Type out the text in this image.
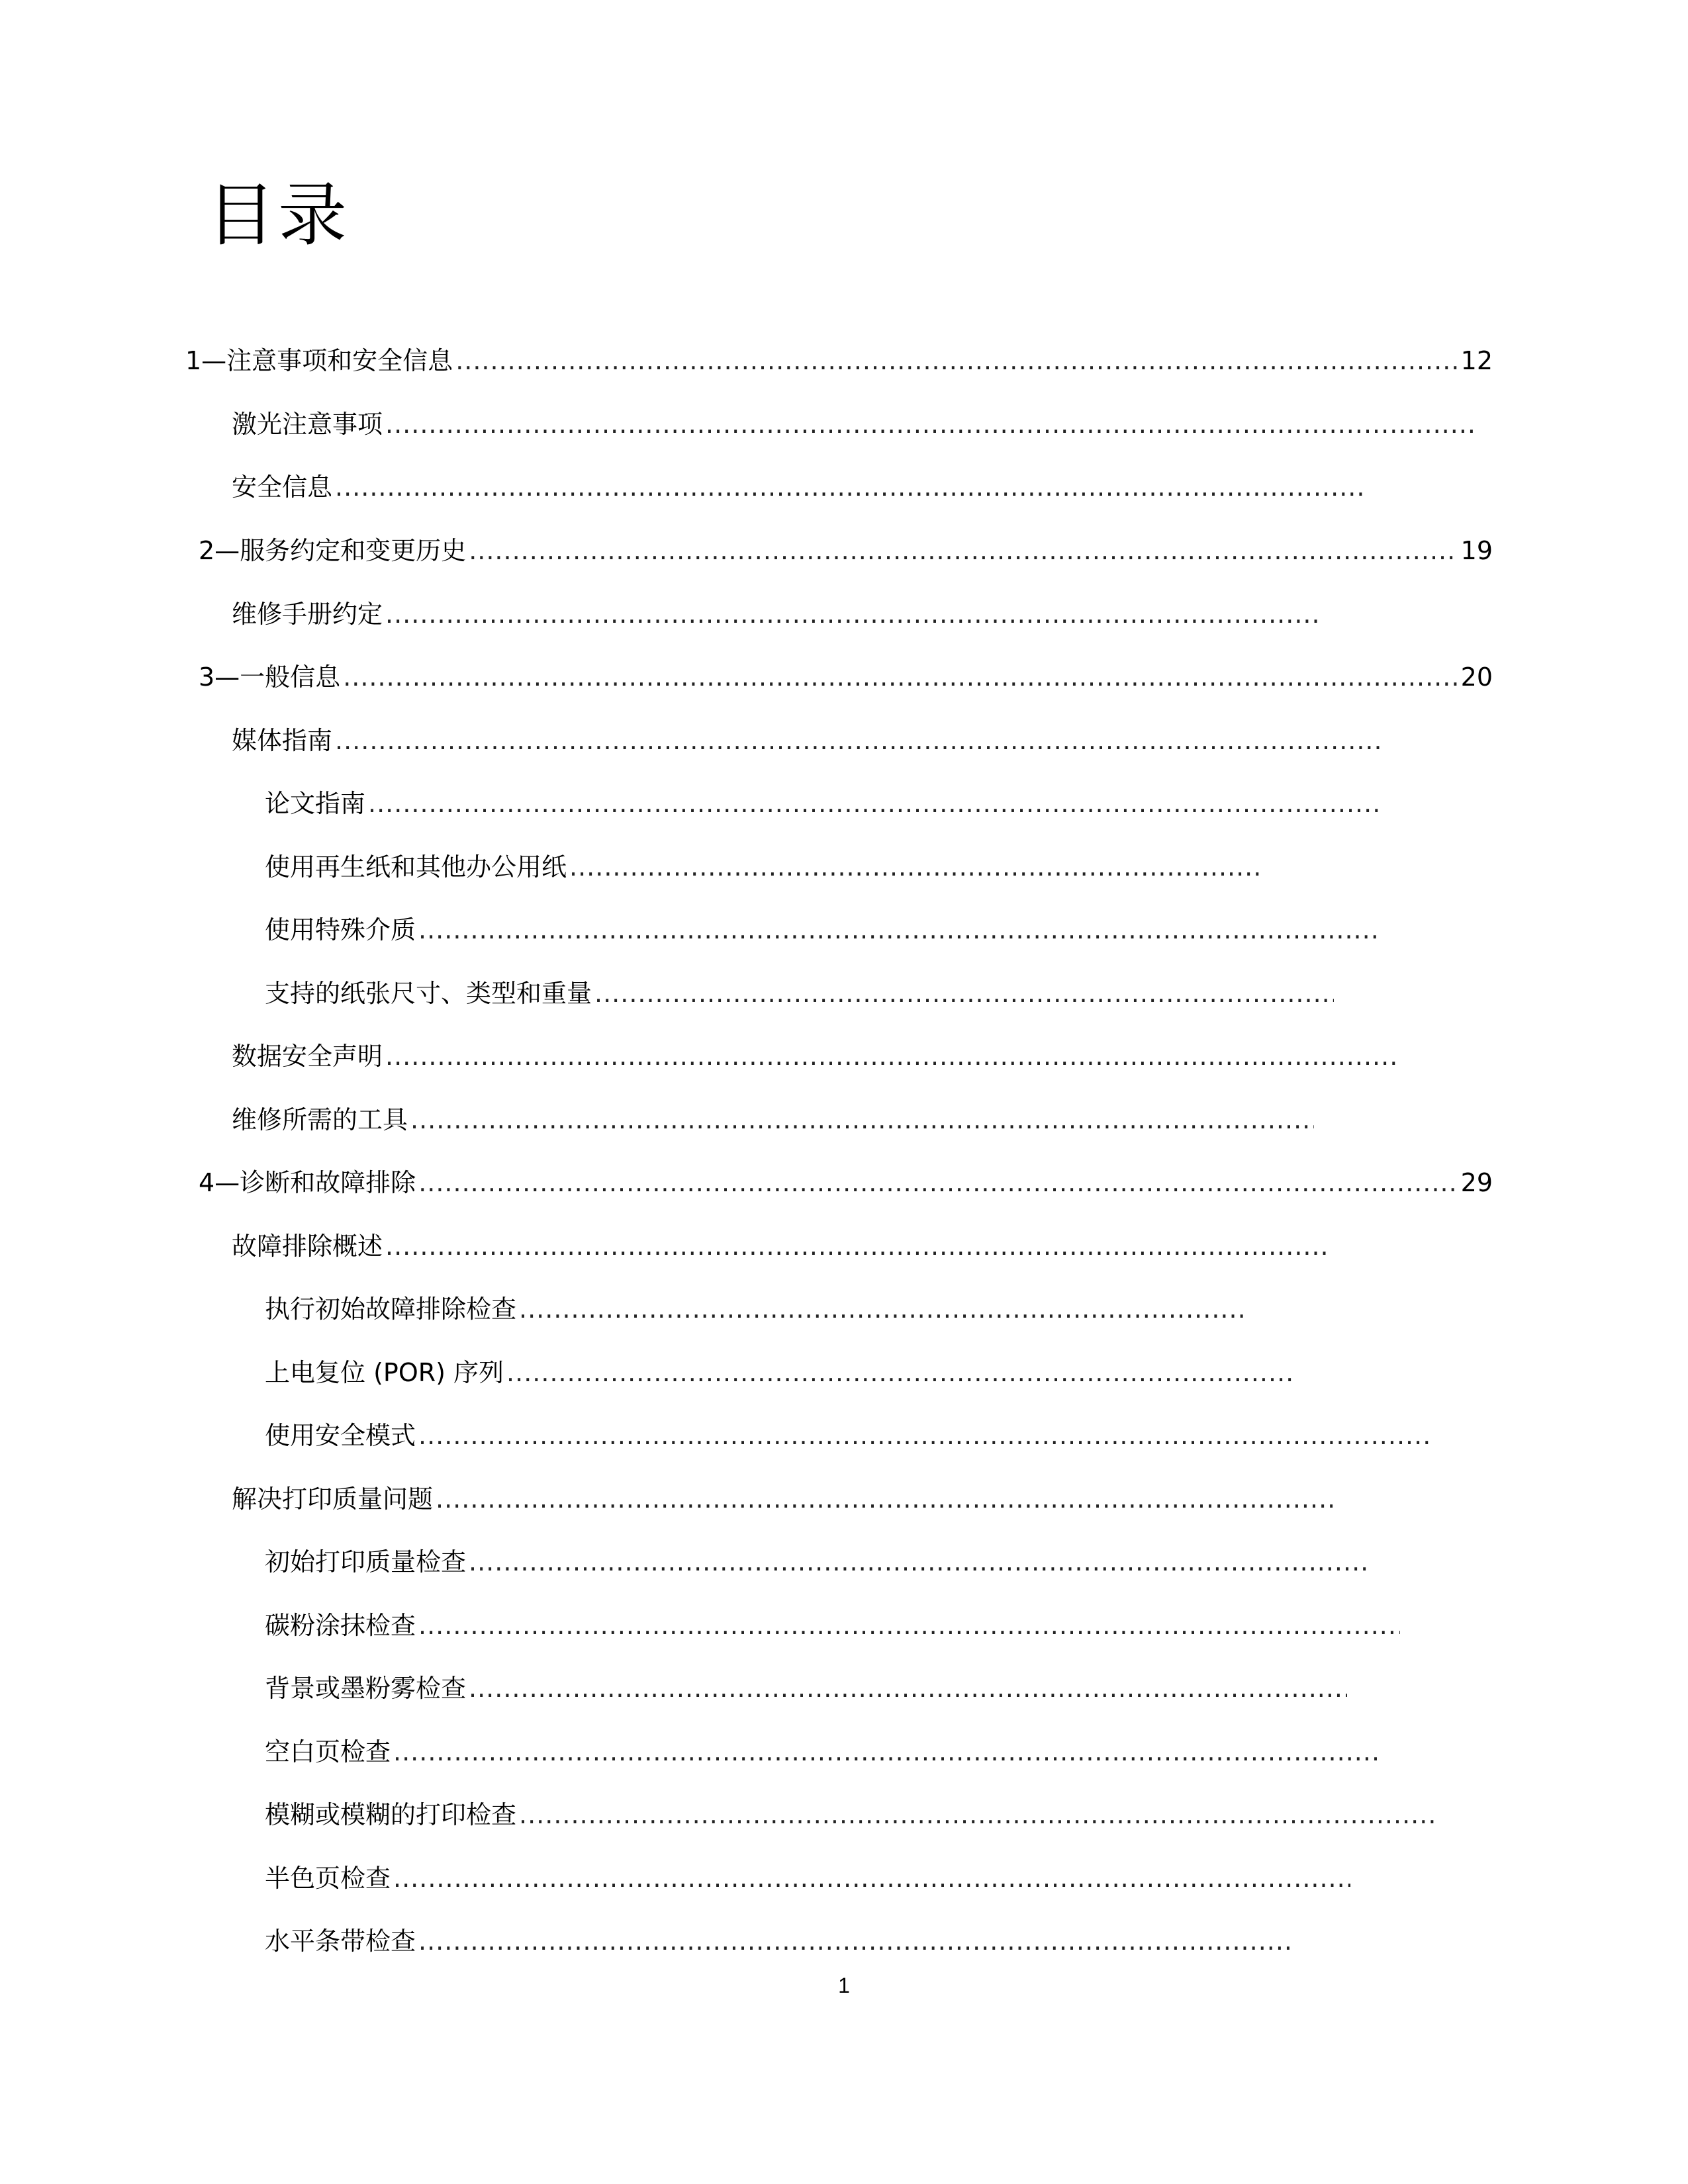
目录
1—注意事项和安全信息	12
.....
激光注意事项
.....
安全信息
.....
2—服务约定和变更历史	19
.....
维修手册约定
.....
3—一般信息	20
.....
媒体指南
.....
论文指南
.....
使用再生纸和其他办公用纸
.....
使用特殊介质
.....
支持的纸张尺寸、类型和重量
.....
数据安全声明
.....
维修所需的工具
.....
4—诊断和故障排除	29
.....
故障排除概述
.....
执行初始故障排除检查
.....
上电复位 (POR) 序列
.....
使用安全模式
.....
解决打印质量问题
.....
初始打印质量检查
.....
碳粉涂抹检查
.....
背景或墨粉雾检查
.....
空白页检查
.....
模糊或模糊的打印检查
.....
半色页检查
.....
水平条带检查
.....
1
